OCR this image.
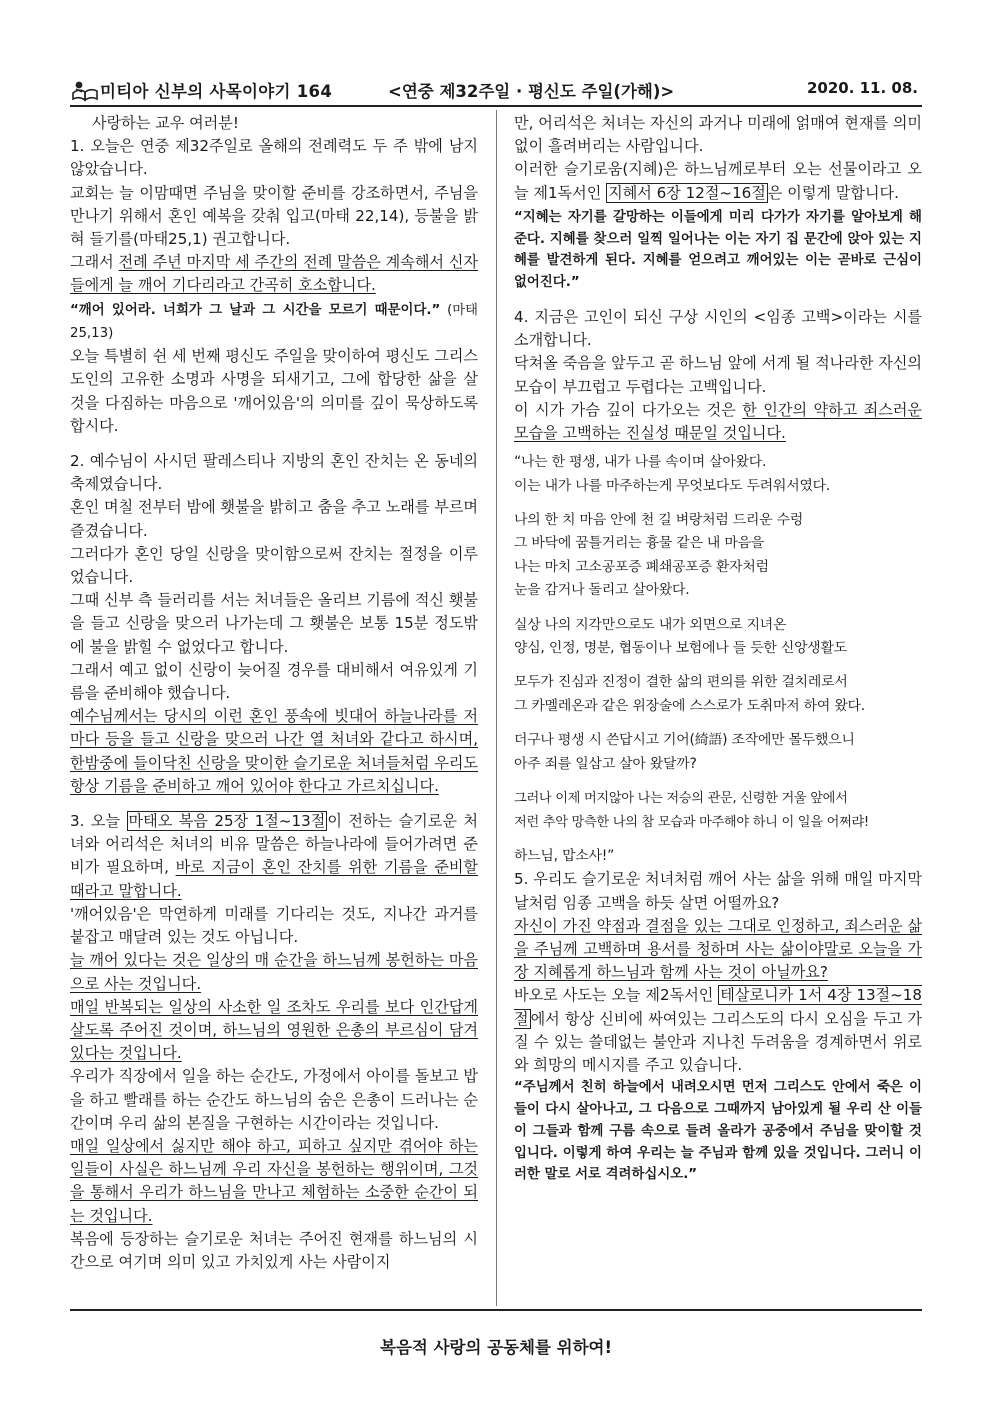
미티아 신부의 사목이야기 164	<연중 제32주일 · 평신도 주일(가해)>	2020. 11. 08.

사랑하는 교우 여러분!

1. 오늘은 연중 제32주일로 올해의 전례력도 두 주 밖에 남지 않았습니다.

교회는 늘 이맘때면 주님을 맞이할 준비를 강조하면서, 주님을 만나기 위해서 혼인 예복을 갖춰 입고(마태 22,14), 등불을 밝혀 들기를(마태25,1) 권고합니다.

그래서 전례 주년 마지막 세 주간의 전례 말씀은 계속해서 신자들에게 늘 깨어 기다리라고 간곡히 호소합니다.

“깨어 있어라. 너희가 그 날과 그 시간을 모르기 때문이다.” (마태25,13)

오늘 특별히 쉰 세 번째 평신도 주일을 맞이하여 평신도 그리스도인의 고유한 소명과 사명을 되새기고, 그에 합당한 삶을 살 것을 다짐하는 마음으로 '깨어있음'의 의미를 깊이 묵상하도록 합시다.

2. 예수님이 사시던 팔레스티나 지방의 혼인 잔치는 온 동네의 축제였습니다.

혼인 며칠 전부터 밤에 횃불을 밝히고 춤을 추고 노래를 부르며 즐겼습니다.

그러다가 혼인 당일 신랑을 맞이함으로써 잔치는 절정을 이루었습니다.

그때 신부 측 들러리를 서는 처녀들은 올리브 기름에 적신 횃불을 들고 신랑을 맞으러 나가는데 그 횃불은 보통 15분 정도밖에 불을 밝힐 수 없었다고 합니다.

그래서 예고 없이 신랑이 늦어질 경우를 대비해서 여유있게 기름을 준비해야 했습니다.

예수님께서는 당시의 이런 혼인 풍속에 빗대어 하늘나라를 저마다 등을 들고 신랑을 맞으러 나간 열 처녀와 같다고 하시며, 한밤중에 들이닥친 신랑을 맞이한 슬기로운 처녀들처럼 우리도 항상 기름을 준비하고 깨어 있어야 한다고 가르치십니다.

3. 오늘 마태오 복음 25장 1절~13절 이 전하는 슬기로운 처녀와 어리석은 처녀의 비유 말씀은 하늘나라에 들어가려면 준비가 필요하며, 바로 지금이 혼인 잔치를 위한 기름을 준비할 때라고 말합니다.

'깨어있음'은 막연하게 미래를 기다리는 것도, 지나간 과거를 붙잡고 매달려 있는 것도 아닙니다.

늘 깨어 있다는 것은 일상의 매 순간을 하느님께 봉헌하는 마음으로 사는 것입니다.

매일 반복되는 일상의 사소한 일 조차도 우리를 보다 인간답게 살도록 주어진 것이며, 하느님의 영원한 은총의 부르심이 담겨있다는 것입니다.

우리가 직장에서 일을 하는 순간도, 가정에서 아이를 돌보고 밥을 하고 빨래를 하는 순간도 하느님의 숨은 은총이 드러나는 순간이며 우리 삶의 본질을 구현하는 시간이라는 것입니다.

매일 일상에서 싫지만 해야 하고, 피하고 싶지만 겪어야 하는 일들이 사실은 하느님께 우리 자신을 봉헌하는 행위이며, 그것을 통해서 우리가 하느님을 만나고 체험하는 소중한 순간이 되는 것입니다.

복음에 등장하는 슬기로운 처녀는 주어진 현재를 하느님의 시간으로 여기며 의미 있고 가치있게 사는 사람이지

만, 어리석은 처녀는 자신의 과거나 미래에 얽매여 현재를 의미 없이 흘려버리는 사람입니다.

이러한 슬기로움(지혜)은 하느님께로부터 오는 선물이라고 오늘 제1독서인 지혜서 6장 12절~16절 은 이렇게 말합니다.

“지혜는 자기를 갈망하는 이들에게 미리 다가가 자기를 알아보게 해준다. 지혜를 찾으러 일찍 일어나는 이는 자기 집 문간에 앉아 있는 지혜를 발견하게 된다. 지혜를 얻으려고 깨어있는 이는 곧바로 근심이 없어진다.”

4. 지금은 고인이 되신 구상 시인의 <임종 고백>이라는 시를 소개합니다.

닥쳐올 죽음을 앞두고 곧 하느님 앞에 서게 될 적나라한 자신의 모습이 부끄럽고 두렵다는 고백입니다.

이 시가 가슴 깊이 다가오는 것은 한 인간의 약하고 죄스러운 모습을 고백하는 진실성 때문일 것입니다.

“나는 한 평생, 내가 나를 속이며 살아왔다.

이는 내가 나를 마주하는게 무엇보다도 두려워서였다.

나의 한 치 마음 안에 천 길 벼랑처럼 드리운 수렁

그 바닥에 꿈틀거리는 흉물 같은 내 마음을

나는 마치 고소공포증 폐쇄공포증 환자처럼

눈을 감거나 돌리고 살아왔다.

실상 나의 지각만으로도 내가 외면으로 지녀온

양심, 인정, 명분, 협동이나 보험에나 들 듯한 신앙생활도

모두가 진심과 진정이 결한 삶의 편의를 위한 걸치레로서

그 카멜레온과 같은 위장술에 스스로가 도취마저 하여 왔다.

더구나 평생 시 쓴답시고 기어(綺語) 조작에만 몰두했으니

아주 죄를 일삼고 살아 왔달까?

그러나 이제 머지않아 나는 저승의 관문, 신령한 거울 앞에서

저런 추악 망측한 나의 참 모습과 마주해야 하니 이 일을 어쩌랴!

하느님, 맙소사!”

5. 우리도 슬기로운 처녀처럼 깨어 사는 삶을 위해 매일 마지막 날처럼 임종 고백을 하듯 살면 어떨까요?

자신이 가진 약점과 결점을 있는 그대로 인정하고, 죄스러운 삶을 주님께 고백하며 용서를 청하며 사는 삶이야말로 오늘을 가장 지혜롭게 하느님과 함께 사는 것이 아닐까요?

바오로 사도는 오늘 제2독서인 테살로니카 1서 4장 13절~18절 에서 항상 신비에 싸여있는 그리스도의 다시 오심을 두고 가질 수 있는 쓸데없는 불안과 지나친 두려움을 경계하면서 위로와 희망의 메시지를 주고 있습니다.

“주님께서 친히 하늘에서 내려오시면 먼저 그리스도 안에서 죽은 이들이 다시 살아나고, 그 다음으로 그때까지 남아있게 될 우리 산 이들이 그들과 함께 구름 속으로 들려 올라가 공중에서 주님을 맞이할 것입니다. 이렇게 하여 우리는 늘 주님과 함께 있을 것입니다. 그러니 이러한 말로 서로 격려하십시오.”

복음적 사랑의 공동체를 위하여!
